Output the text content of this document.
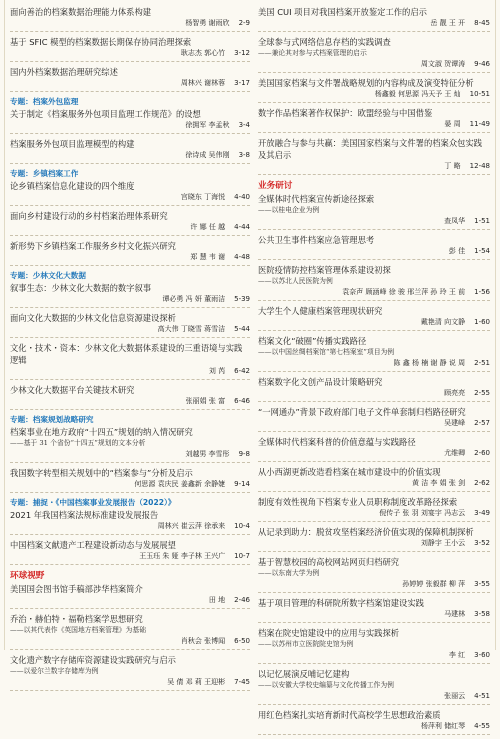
面向善治的档案数据治理能力体系构建
杨智勇 谢雨欣 2-9
基于 SFIC 模型的档案数据长期保存协同治理探索
耿志杰 郭心竹 3-12
国内外档案数据治理研究综述
周林兴 谢林蓉 3-17
专题：档案外包监理
关于制定《档案服务外包项目监理工作规范》的设想
徐拥军 李孟秋 3-4
档案服务外包项目监理模型的构建
徐诗成 吴伟刚 3-8
专题：乡镇档案工作
论乡镇档案信息化建设的四个维度
宫晓东 丁海悦 4-40
面向乡村建设行动的乡村档案治理体系研究
许 娜 任 越 4-44
新形势下乡镇档案工作服务乡村文化振兴研究
郑 慧 韦 谢 4-48
专题：少林文化大数据
叙事生态：少林文化大数据的数字叙事
谭必勇 冯 妍 董雨洁 5-39
面向文化大数据的少林文化信息资源建设探析
高大伟 丁晓雪 蒋雪洁 5-44
文化・技术・资本：少林文化大数据体系建设的三重语境与实践逻辑
刘 芮 6-42
少林文化大数据平台关键技术研究
张丽娟 张 富 6-46
专题：档案规划战略研究
档案事业在地方政府“十四五”规划的纳入情况研究
——基于 31 个省份“十四五”规划的文本分析
刘越男 李雪彤 9-8
我国数字转型相关规划中的“档案参与”分析及启示
何思源 袁庆民 姜鑫新 余静婕 9-14
专题：捕捉・《中国档案事业发展报告（2022）》
2021 年我国档案法规标准建设发展报告
周林兴 崔云萍 徐承来 10-4
中国档案文献遗产工程建设新动态与发展展望
王玉珏 朱 娅 李子林 王兴广 10-7
环球视野
美国国会图书馆手稿部涉华档案简介
田 地 2-46
乔治・赫伯特・福勒档案学思想研究
——以其代表作《英国地方档案管理》为基础
肖秋会 张博闻 6-50
文化遗产数字存储库资源建设实践研究与启示
——以爱尔兰数字存储库为例
吴 倩 邓 莉 王迎彬 7-45
美国 CUI 项目对我国档案开放鉴定工作的启示
岳 靓 王 开 8-45
全球参与式网络信息存档的实践调查
——兼论其对参与式档案管理的启示
周文淑 贺谭涛 9-46
美国国家档案与文件署战略规划的内容构成及演变特征分析
杨鑫毅 何思源 冯天予 王 灿 10-51
数字作品档案著作权保护：欧盟经验与中国借鉴
晏 周 11-49
开放融合与参与共赢：美国国家档案与文件署的档案众包实践及其启示
丁 略 12-48
业务研讨
全媒体时代档案宣传新途径探索
——以桂电企业为例
查凤华 1-51
公共卫生事件档案应急管理思考
彭 佳 1-54
医院疫情防控档案管理体系建设初探
——以苏北人民医院为例
袁奈声 顾涵峰 徐 骏 邢兰萍 孙 玲 王 前 1-56
大学生个人健康档案管理现状研究
戴艳清 向文静 1-60
档案文化“破圈”传播实践路径
——以中国丝绸档案馆“第七档案室”项目为例
陈 鑫 杨 楠 谢 静 说 周 2-51
档案数字化文创产品设计策略研究
顾亮亮 2-55
“一网通办”背景下政府部门电子文件单套制归档路径研究
吴建峰 2-57
全媒体时代档案科普的价值意蕴与实践路径
尤维卿 2-60
从小西湖更新改造看档案在城市建设中的价值实现
黄 洁 李 娟 张 剑 2-62
制度有效性视角下档案专业人员职称制度改革路径探索
倪传子 张 羽 刘宴宇 冯志云 3-49
从记录到助力：脱贫攻坚档案经济价值实现的保障机制探析
刘静宇 王小云 3-52
基于智慧校园的高校网站网页归档研究
——以东南大学为例
孙婷婷 张毅群 柳 萍 3-55
基于项目管理的科研院所数字档案馆建设实践
马建林 3-58
档案在院史馆建设中的应用与实践探析
——以苏州市立医院院史馆为例
李 红 3-60
以记忆展演反哺记忆建构
——以安徽大学校史编纂与文化传播工作为例
张丽云 4-51
用红色档案扎实培育新时代高校学生思想政治素质
杨萍利 储红琴 4-55
